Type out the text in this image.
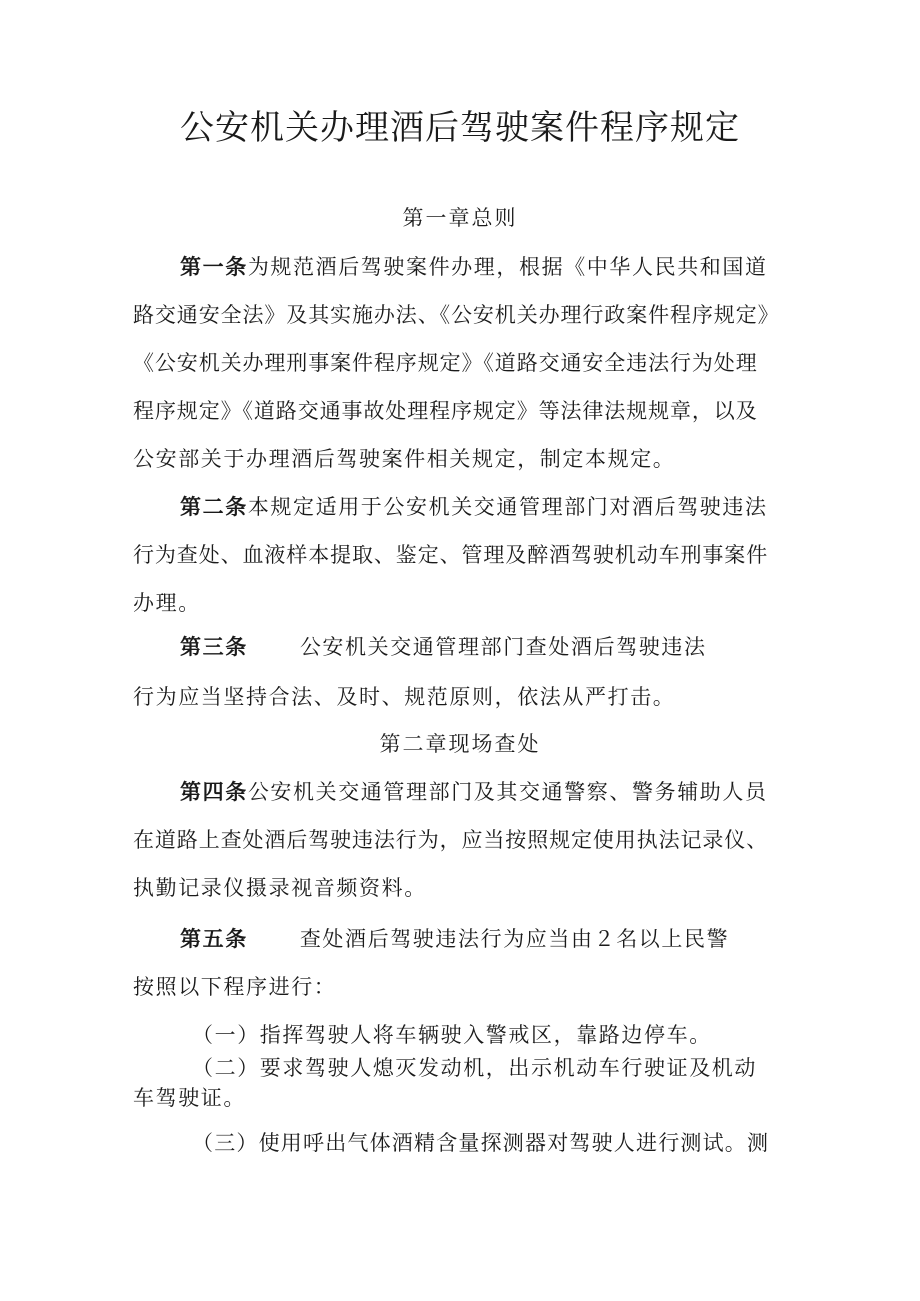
公安机关办理酒后驾驶案件程序规定
第一章总则
第一条为规范酒后驾驶案件办理，根据《中华人民共和国道
路交通安全法》及其实施办法、《公安机关办理行政案件程序规定》
《公安机关办理刑事案件程序规定》《道路交通安全违法行为处理
程序规定》《道路交通事故处理程序规定》等法律法规规章，以及
公安部关于办理酒后驾驶案件相关规定，制定本规定。
第二条本规定适用于公安机关交通管理部门对酒后驾驶违法
行为查处、血液样本提取、鉴定、管理及醉酒驾驶机动车刑事案件
办理。
第三条 公安机关交通管理部门查处酒后驾驶违法
行为应当坚持合法、及时、规范原则，依法从严打击。
第二章现场查处
第四条公安机关交通管理部门及其交通警察、警务辅助人员
在道路上查处酒后驾驶违法行为，应当按照规定使用执法记录仪、
执勤记录仪摄录视音频资料。
第五条 查处酒后驾驶违法行为应当由２名以上民警
按照以下程序进行：
（一）指挥驾驶人将车辆驶入警戒区，靠路边停车。
（二）要求驾驶人熄灭发动机，出示机动车行驶证及机动
车驾驶证。
（三）使用呼出气体酒精含量探测器对驾驶人进行测试。测
